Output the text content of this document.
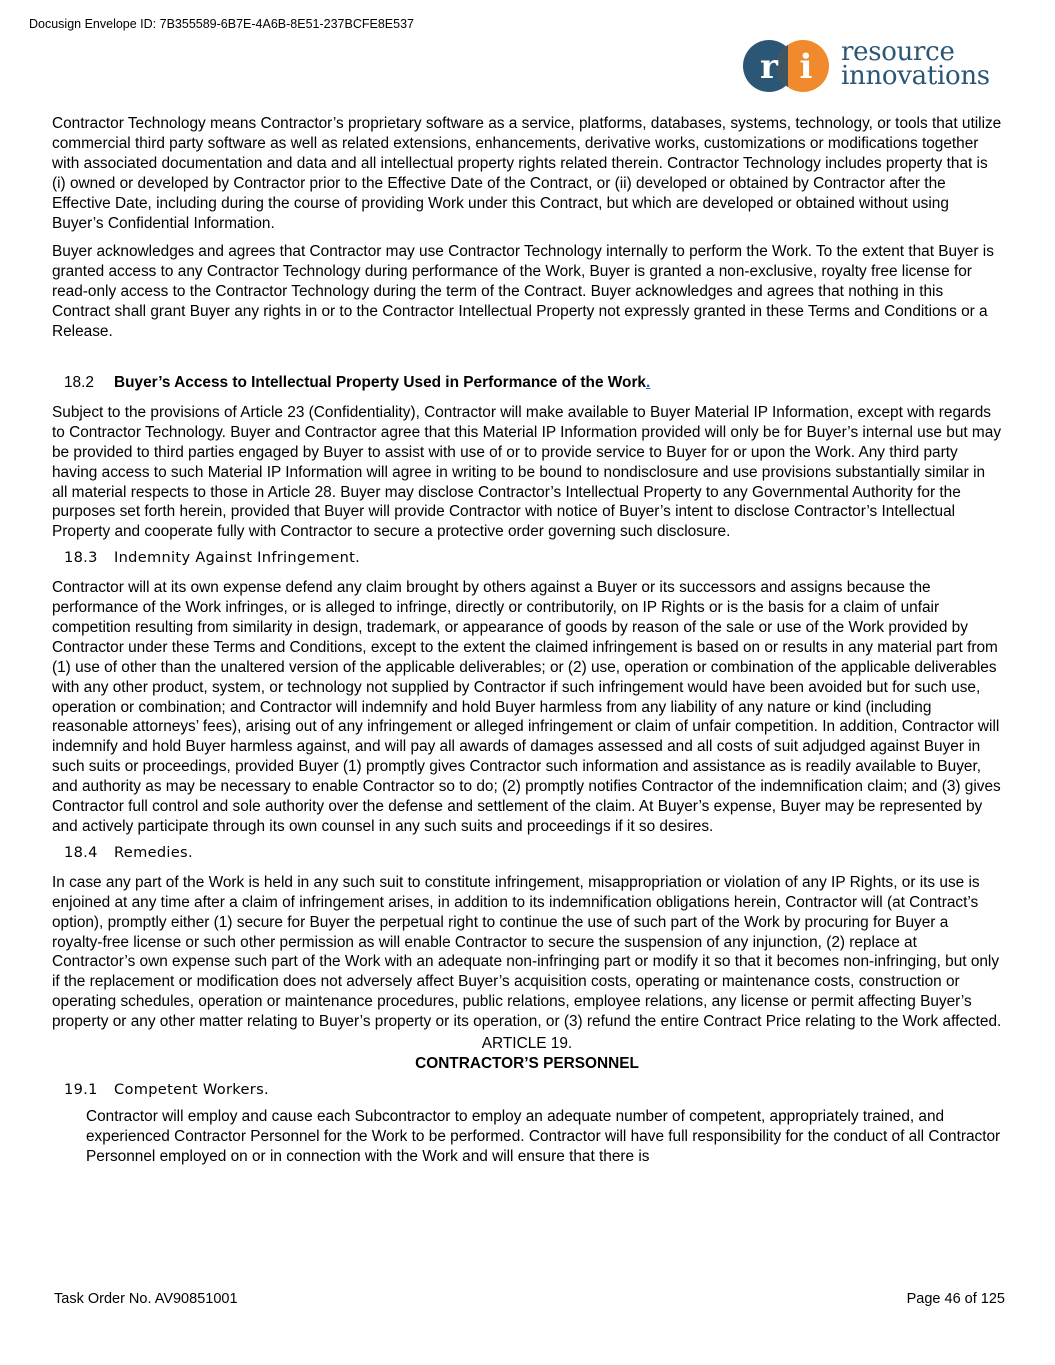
Docusign Envelope ID: 7B355589-6B7E-4A6B-8E51-237BCFE8E537
r i resource
innovations

Contractor Technology means Contractor’s proprietary software as a service, platforms, databases, systems, technology, or tools that utilize commercial third party software as well as related extensions, enhancements, derivative works, customizations or modifications together with associated documentation and data and all intellectual property rights related therein. Contractor Technology includes property that is (i) owned or developed by Contractor prior to the Effective Date of the Contract, or (ii) developed or obtained by Contractor after the Effective Date, including during the course of providing Work under this Contract, but which are developed or obtained without using Buyer’s Confidential Information.

Buyer acknowledges and agrees that Contractor may use Contractor Technology internally to perform the Work. To the extent that Buyer is granted access to any Contractor Technology during performance of the Work, Buyer is granted a non-exclusive, royalty free license for read-only access to the Contractor Technology during the term of the Contract. Buyer acknowledges and agrees that nothing in this Contract shall grant Buyer any rights in or to the Contractor Intellectual Property not expressly granted in these Terms and Conditions or a Release.

18.2 Buyer’s Access to Intellectual Property Used in Performance of the Work.

Subject to the provisions of Article 23 (Confidentiality), Contractor will make available to Buyer Material IP Information, except with regards to Contractor Technology. Buyer and Contractor agree that this Material IP Information provided will only be for Buyer’s internal use but may be provided to third parties engaged by Buyer to assist with use of or to provide service to Buyer for or upon the Work. Any third party having access to such Material IP Information will agree in writing to be bound to nondisclosure and use provisions substantially similar in all material respects to those in Article 28. Buyer may disclose Contractor’s Intellectual Property to any Governmental Authority for the purposes set forth herein, provided that Buyer will provide Contractor with notice of Buyer’s intent to disclose Contractor’s Intellectual Property and cooperate fully with Contractor to secure a protective order governing such disclosure.

18.3 Indemnity Against Infringement.

Contractor will at its own expense defend any claim brought by others against a Buyer or its successors and assigns because the performance of the Work infringes, or is alleged to infringe, directly or contributorily, on IP Rights or is the basis for a claim of unfair competition resulting from similarity in design, trademark, or appearance of goods by reason of the sale or use of the Work provided by Contractor under these Terms and Conditions, except to the extent the claimed infringement is based on or results in any material part from (1) use of other than the unaltered version of the applicable deliverables; or (2) use, operation or combination of the applicable deliverables with any other product, system, or technology not supplied by Contractor if such infringement would have been avoided but for such use, operation or combination; and Contractor will indemnify and hold Buyer harmless from any liability of any nature or kind (including reasonable attorneys’ fees), arising out of any infringement or alleged infringement or claim of unfair competition. In addition, Contractor will indemnify and hold Buyer harmless against, and will pay all awards of damages assessed and all costs of suit adjudged against Buyer in such suits or proceedings, provided Buyer (1) promptly gives Contractor such information and assistance as is readily available to Buyer, and authority as may be necessary to enable Contractor so to do; (2) promptly notifies Contractor of the indemnification claim; and (3) gives Contractor full control and sole authority over the defense and settlement of the claim. At Buyer’s expense, Buyer may be represented by and actively participate through its own counsel in any such suits and proceedings if it so desires.

18.4 Remedies.

In case any part of the Work is held in any such suit to constitute infringement, misappropriation or violation of any IP Rights, or its use is enjoined at any time after a claim of infringement arises, in addition to its indemnification obligations herein, Contractor will (at Contract’s option), promptly either (1) secure for Buyer the perpetual right to continue the use of such part of the Work by procuring for Buyer a royalty-free license or such other permission as will enable Contractor to secure the suspension of any injunction, (2) replace at Contractor’s own expense such part of the Work with an adequate non-infringing part or modify it so that it becomes non-infringing, but only if the replacement or modification does not adversely affect Buyer’s acquisition costs, operating or maintenance costs, construction or operating schedules, operation or maintenance procedures, public relations, employee relations, any license or permit affecting Buyer’s property or any other matter relating to Buyer’s property or its operation, or (3) refund the entire Contract Price relating to the Work affected.

ARTICLE 19.

CONTRACTOR’S PERSONNEL

19.1 Competent Workers.

Contractor will employ and cause each Subcontractor to employ an adequate number of competent, appropriately trained, and experienced Contractor Personnel for the Work to be performed. Contractor will have full responsibility for the conduct of all Contractor Personnel employed on or in connection with the Work and will ensure that there is

Task Order No. AV90851001	Page 46 of 125
